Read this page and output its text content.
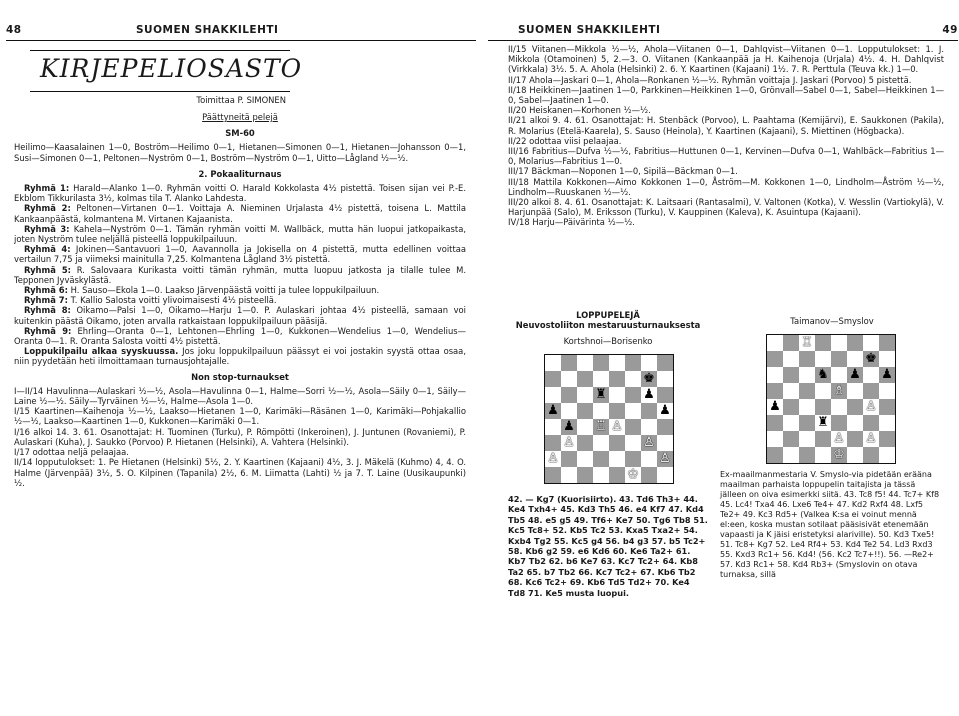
48	SUOMEN SHAKKILEHTI
KIRJEPELIOSASTO
Toimittaa P. SIMONEN

Päättyneitä pelejä

SM-60

Heilimo—Kaasalainen 1—0, Boström—Heilimo 0—1, Hietanen—Simonen 0—1, Hietanen—Johansson 0—1, Susi—Simonen 0—1, Peltonen—Nyström 0—1, Boström—Nyström 0—1, Uitto—Lågland ½—½.

2. Pokaaliturnaus

Ryhmä 1: Harald—Alanko 1—0. Ryhmän voitti O. Harald Kokkolasta 4½ pistettä. Toisen sijan vei P.-E. Ekblom Tikkurilasta 3½, kolmas tila T. Alanko Lahdesta.

Ryhmä 2: Peltonen—Virtanen 0—1. Voittaja A. Nieminen Urjalasta 4½ pistettä, toisena L. Mattila Kankaanpäästä, kolmantena M. Virtanen Kajaanista.

Ryhmä 3: Kahela—Nyström 0—1. Tämän ryhmän voitti M. Wallbäck, mutta hän luopui jatkopaikasta, joten Nyström tulee neljällä pisteellä loppukilpailuun.

Ryhmä 4: Jokinen—Santavuori 1—0, Aavannolla ja Jokisella on 4 pistettä, mutta edellinen voittaa vertailun 7,75 ja viimeksi mainitulla 7,25. Kolmantena Lågland 3½ pistettä.

Ryhmä 5: R. Salovaara Kurikasta voitti tämän ryhmän, mutta luopuu jatkosta ja tilalle tulee M. Tepponen Jyväskylästä.

Ryhmä 6: H. Sauso—Ekola 1—0. Laakso Järvenpäästä voitti ja tulee loppukilpailuun.

Ryhmä 7: T. Kallio Salosta voitti ylivoimaisesti 4½ pisteellä.

Ryhmä 8: Oikamo—Palsi 1—0, Oikamo—Harju 1—0. P. Aulaskari johtaa 4½ pisteellä, samaan voi kuitenkin päästä Oikamo, joten arvalla ratkaistaan loppukilpailuun pääsijä.

Ryhmä 9: Ehrling—Oranta 0—1, Lehtonen—Ehrling 1—0, Kukkonen—Wendelius 1—0, Wendelius—Oranta 0—1. R. Oranta Salosta voitti 4½ pistettä.

Loppukilpailu alkaa syyskuussa. Jos joku loppukilpailuun päässyt ei voi jostakin syystä ottaa osaa, niin pyydetään heti ilmoittamaan turnausjohtajalle.

Non stop-turnaukset

I—II/14 Havulinna—Aulaskari ½—½, Asola—Havulinna 0—1, Halme—Sorri ½—½, Asola—Säily 0—1, Säily—Laine ½—½. Säily—Tyrväinen ½—½, Halme—Asola 1—0.

I/15 Kaartinen—Kaihenoja ½—½, Laakso—Hietanen 1—0, Karimäki—Räsänen 1—0, Karimäki—Pohjakallio ½—½, Laakso—Kaartinen 1—0, Kukkonen—Karimäki 0—1.

I/16 alkoi 14. 3. 61. Osanottajat: H. Tuominen (Turku), P. Römpötti (Inkeroinen), J. Juntunen (Rovaniemi), P. Aulaskari (Kuha), J. Saukko (Porvoo) P. Hietanen (Helsinki), A. Vahtera (Helsinki).

I/17 odottaa neljä pelaajaa.

II/14 lopputulokset: 1. Pe Hietanen (Helsinki) 5½, 2. Y. Kaartinen (Kajaani) 4½, 3. J. Mäkelä (Kuhmo) 4, 4. O. Halme (Järvenpää) 3½, 5. O. Kilpinen (Tapanila) 2½, 6. M. Liimatta (Lahti) ½ ja 7. T. Laine (Uusikaupunki) ½.

SUOMEN SHAKKILEHTI	49

II/15 Viitanen—Mikkola ½—½, Ahola—Viitanen 0—1, Dahlqvist—Viitanen 0—1. Lopputulokset: 1. J. Mikkola (Otamoinen) 5, 2.—3. O. Viitanen (Kankaanpää ja H. Kaihenoja (Urjala) 4½. 4. H. Dahlqvist (Virkkala) 3½. 5. A. Ahola (Helsinki) 2. 6. Y. Kaartinen (Kajaani) 1½. 7. R. Perttula (Teuva kk.) 1—0.

II/17 Ahola—Jaskari 0—1, Ahola—Ronkanen ½—½. Ryhmän voittaja J. Jaskari (Porvoo) 5 pistettä.

II/18 Heikkinen—Jaatinen 1—0, Parkkinen—Heikkinen 1—0, Grönvall—Sabel 0—1, Sabel—Heikkinen 1—0, Sabel—Jaatinen 1—0.

II/20 Heiskanen—Korhonen ½—½.

II/21 alkoi 9. 4. 61. Osanottajat: H. Stenbäck (Porvoo), L. Paahtama (Kemijärvi), E. Saukkonen (Pakila), R. Molarius (Etelä-Kaarela), S. Sauso (Heinola), Y. Kaartinen (Kajaani), S. Miettinen (Högbacka).

II/22 odottaa viisi pelaajaa.

III/16 Fabritius—Dufva ½—½, Fabritius—Huttunen 0—1, Kervinen—Dufva 0—1, Wahlbäck—Fabritius 1—0, Molarius—Fabritius 1—0.

III/17 Bäckman—Noponen 1—0, Sipilä—Bäckman 0—1.

III/18 Mattila Kokkonen—Aimo Kokkonen 1—0, Åström—M. Kokkonen 1—0, Lindholm—Åström ½—½, Lindholm—Ruuskanen ½—½.

III/20 alkoi 8. 4. 61. Osanottajat: K. Laitsaari (Rantasalmi), V. Valtonen (Kotka), V. Wesslin (Vartiokylä), V. Harjunpää (Salo), M. Eriksson (Turku), V. Kauppinen (Kaleva), K. Asuintupa (Kajaani).

IV/18 Harju—Päivärinta ½—½.

LOPPUPELEJÄ

Neuvostoliiton mestaruusturnauksesta

Kortshnoi—Borisenko

♜
♚
♟
♟	♟
♟ ♖ ♙
♙	♙
♙	♙
♔
42. — Kg7 (Kuorisiirto). 43. Td6 Th3+ 44. Ke4 Txh4+ 45. Kd3 Th5 46. e4 Kf7 47. Kd4 Tb5 48. e5 g5 49. Tf6+ Ke7 50. Tg6 Tb8 51. Kc5 Tc8+ 52. Kb5 Tc2 53. Kxa5 Txa2+ 54. Kxb4 Tg2 55. Kc5 g4 56. b4 g3 57. b5 Tc2+ 58. Kb6 g2 59. e6 Kd6 60. Ke6 Ta2+ 61. Kb7 Tb2 62. b6 Ke7 63. Kc7 Tc2+ 64. Kb8 Ta2 65. b7 Tb2 66. Kc7 Tc2+ 67. Kb6 Tb2 68. Kc6 Tc2+ 69. Kb6 Td5 Td2+ 70. Ke4 Td8 71. Ke5 musta luopui.

Taimanov—Smyslov

♖
♚
♞ ♟ ♟
♗
♟	♙
♜
♙ ♙
♔
Ex-maailmanmestaria V. Smyslo-via pidetään erääna maailman parhaista loppupelin taitajista ja tässä jälleen on oiva esimerkki siitä. 43. Tc8 f5! 44. Tc7+ Kf8 45. Lc4! Txa4 46. Lxe6 Te4+ 47. Kd2 Rxf4 48. Lxf5 Te2+ 49. Kc3 Rd5+ (Valkea K:sa ei voinut mennä el:een, koska mustan sotilaat pääsisivät etenemään vapaasti ja K jäisi eristetyksi alariville). 50. Kd3 Txe5! 51. Tc8+ Kg7 52. Le4 Rf4+ 53. Kd4 Te2 54. Ld3 Rxd3 55. Kxd3 Rc1+ 56. Kd4! (56. Kc2 Tc7+!!). 56. —Re2+ 57. Kd3 Rc1+ 58. Kd4 Rb3+ (Smyslovin on otava turnaksa, sillä
